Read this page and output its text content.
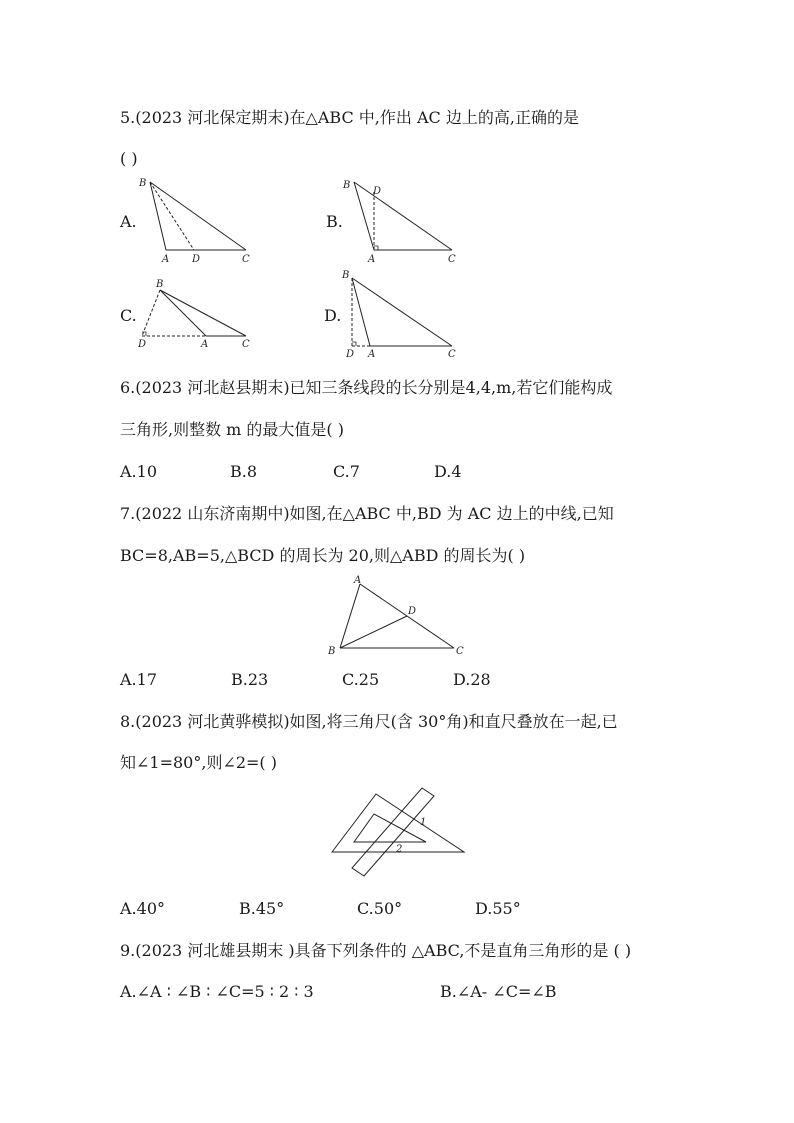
5.(2023 河北保定期末)在△ABC 中,作出 AC 边上的高,正确的是
( )
A.
B
A D	C
B.
B
D
A	C
C.
B
D	A	C
D.
B
D A	C
6.(2023 河北赵县期末)已知三条线段的长分别是4,4,m,若它们能构成
三角形,则整数 m 的最大值是( )
A.10	B.8	C.7	D.4
7.(2022 山东济南期中)如图,在△ABC 中,BD 为 AC 边上的中线,已知
BC=8,AB=5,△BCD 的周长为 20,则△ABD 的周长为( )
A
D
B	C
A.17	B.23	C.25	D.28
8.(2023 河北黄骅模拟)如图,将三角尺(含 30°角)和直尺叠放在一起,已
知∠1=80°,则∠2=( )
1
2
A.40°	B.45°	C.50°	D.55°
9.(2023 河北雄县期末 )具备下列条件的 △ABC,不是直角三角形的是 ( )
A.∠A ∶ ∠B ∶ ∠C=5 ∶ 2 ∶ 3	B.∠A- ∠C=∠B
